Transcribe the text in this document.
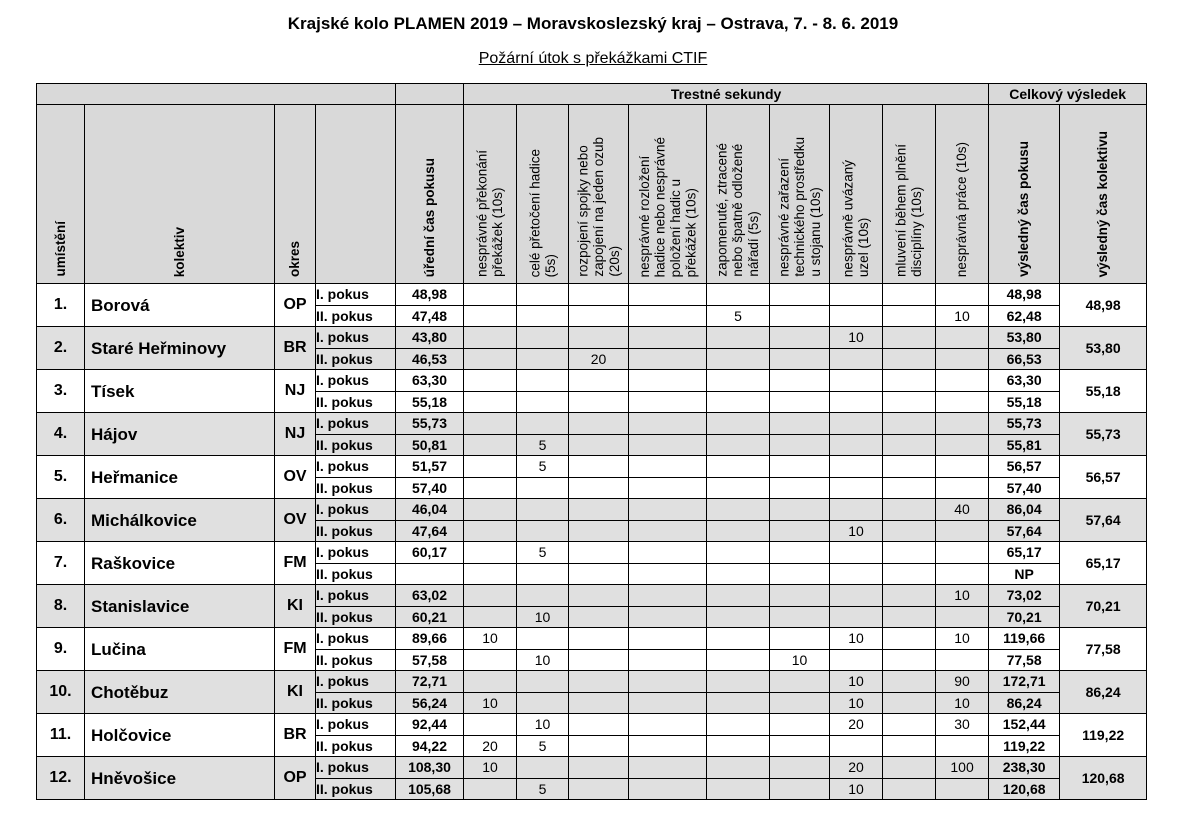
Krajské kolo PLAMEN 2019 – Moravskoslezský kraj – Ostrava, 7. - 8. 6. 2019
Požární útok s překážkami CTIF
					Trestné sekundy									Celkový výsledek	

umístění	kolektiv	okres		úřední čas pokusu	nesprávné překonání
překážek (10s)	celé přetočení hadice
(5s)	rozpojení spojky nebo
zapojení na jeden ozub
(20s)	nesprávné rozložení
hadice nebo nesprávné
položení hadic u
překážek (10s)	zapomenuté, ztracené
nebo špatně odložené
nářadí (5s)	nesprávné zařazení
technického prostředku
u stojanu (10s)	nesprávně uvázaný
uzel (10s)	mluvení během plnění
disciplíny (10s)	nesprávná práce (10s)	výsledný čas pokusu	výsledný čas kolektivu

1.	Borová	OP	I. pokus	48,98										48,98	48,98
			II. pokus	47,48					5				10	62,48	
2.	Staré Heřminovy	BR	I. pokus	43,80							10			53,80	53,80
			II. pokus	46,53			20							66,53	
3.	Tísek	NJ	I. pokus	63,30										63,30	55,18
			II. pokus	55,18										55,18	
4.	Hájov	NJ	I. pokus	55,73										55,73	55,73
			II. pokus	50,81		5								55,81	
5.	Heřmanice	OV	I. pokus	51,57		5								56,57	56,57
			II. pokus	57,40										57,40	
6.	Michálkovice	OV	I. pokus	46,04									40	86,04	57,64
			II. pokus	47,64							10			57,64	
7.	Raškovice	FM	I. pokus	60,17		5								65,17	65,17
			II. pokus											NP	
8.	Stanislavice	KI	I. pokus	63,02									10	73,02	70,21
			II. pokus	60,21		10								70,21	
9.	Lučina	FM	I. pokus	89,66	10						10		10	119,66	77,58
			II. pokus	57,58		10				10				77,58	
10.	Chotěbuz	KI	I. pokus	72,71							10		90	172,71	86,24
			II. pokus	56,24	10						10		10	86,24	
11.	Holčovice	BR	I. pokus	92,44		10					20		30	152,44	119,22
			II. pokus	94,22	20	5								119,22	
12.	Hněvošice	OP	I. pokus	108,30	10						20		100	238,30	120,68
			II. pokus	105,68		5					10			120,68	
